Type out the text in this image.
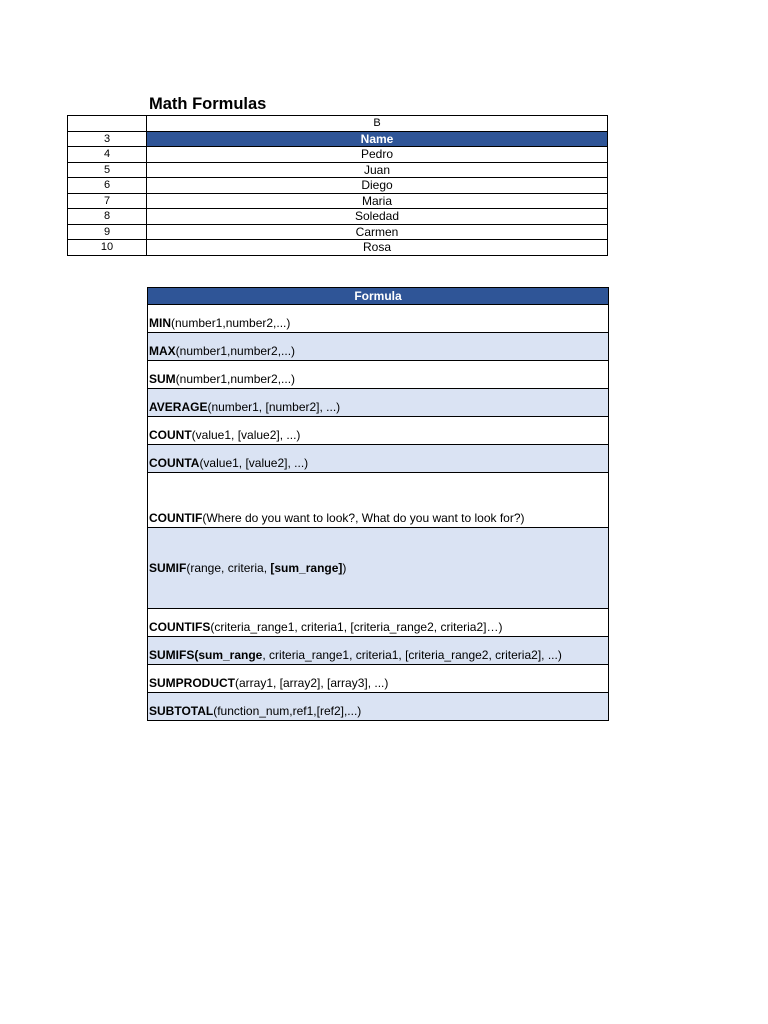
Math Formulas
	B
3	Name
4	Pedro
5	Juan
6	Diego
7	Maria
8	Soledad
9	Carmen
10	Rosa
Formula
MIN(number1,number2,...)
MAX(number1,number2,...)
SUM(number1,number2,...)
AVERAGE(number1, [number2], ...)
COUNT(value1, [value2], ...)
COUNTA(value1, [value2], ...)
COUNTIF(Where do you want to look?, What do you want to look for?)
SUMIF(range, criteria, [sum_range])
COUNTIFS(criteria_range1, criteria1, [criteria_range2, criteria2]…)
SUMIFS(sum_range, criteria_range1, criteria1, [criteria_range2, criteria2], ...)
SUMPRODUCT(array1, [array2], [array3], ...)
SUBTOTAL(function_num,ref1,[ref2],...)
